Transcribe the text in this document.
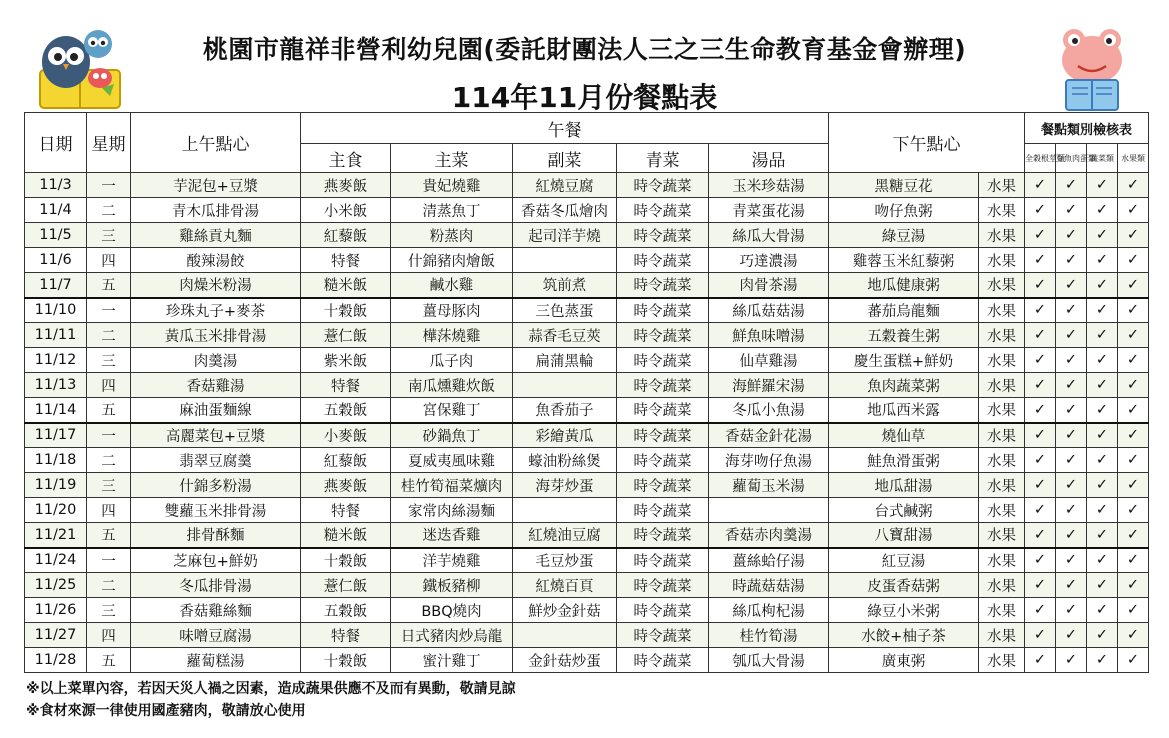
桃園市龍祥非營利幼兒園(委託財團法人三之三生命教育基金會辦理)
114年11月份餐點表
日期	星期	上午點心	午餐					下午點心		餐點類別檢核表			
			主食	主菜	副菜	青菜	湯品			全穀根莖類	豆魚肉蛋類	蔬菜類	水果類
11/3	一	芋泥包+豆漿	燕麥飯	貴妃燒雞	紅燒豆腐	時令蔬菜	玉米珍菇湯	黑糖豆花	水果	✓	✓	✓	✓
11/4	二	青木瓜排骨湯	小米飯	清蒸魚丁	香菇冬瓜燴肉	時令蔬菜	青菜蛋花湯	吻仔魚粥	水果	✓	✓	✓	✓
11/5	三	雞絲貢丸麵	紅藜飯	粉蒸肉	起司洋芋燒	時令蔬菜	絲瓜大骨湯	綠豆湯	水果	✓	✓	✓	✓
11/6	四	酸辣湯餃	特餐	什錦豬肉燴飯		時令蔬菜	巧達濃湯	雞蓉玉米紅藜粥	水果	✓	✓	✓	✓
11/7	五	肉燥米粉湯	糙米飯	鹹水雞	筑前煮	時令蔬菜	肉骨茶湯	地瓜健康粥	水果	✓	✓	✓	✓
11/10	一	珍珠丸子+麥茶	十穀飯	薑母豚肉	三色蒸蛋	時令蔬菜	絲瓜菇菇湯	蕃茄烏龍麵	水果	✓	✓	✓	✓
11/11	二	黃瓜玉米排骨湯	薏仁飯	樺莯燒雞	蒜香毛豆莢	時令蔬菜	鮮魚味噌湯	五穀養生粥	水果	✓	✓	✓	✓
11/12	三	肉羹湯	紫米飯	瓜子肉	扁蒲黑輪	時令蔬菜	仙草雞湯	慶生蛋糕+鮮奶	水果	✓	✓	✓	✓
11/13	四	香菇雞湯	特餐	南瓜燻雞炊飯		時令蔬菜	海鮮羅宋湯	魚肉蔬菜粥	水果	✓	✓	✓	✓
11/14	五	麻油蛋麵線	五穀飯	宮保雞丁	魚香茄子	時令蔬菜	冬瓜小魚湯	地瓜西米露	水果	✓	✓	✓	✓
11/17	一	高麗菜包+豆漿	小麥飯	砂鍋魚丁	彩繪黃瓜	時令蔬菜	香菇金針花湯	燒仙草	水果	✓	✓	✓	✓
11/18	二	翡翠豆腐羹	紅藜飯	夏威夷風味雞	蠔油粉絲煲	時令蔬菜	海芽吻仔魚湯	鮭魚滑蛋粥	水果	✓	✓	✓	✓
11/19	三	什錦多粉湯	燕麥飯	桂竹筍福菜爌肉	海芽炒蛋	時令蔬菜	蘿蔔玉米湯	地瓜甜湯	水果	✓	✓	✓	✓
11/20	四	雙蘿玉米排骨湯	特餐	家常肉絲湯麵		時令蔬菜		台式鹹粥	水果	✓	✓	✓	✓
11/21	五	排骨酥麵	糙米飯	迷迭香雞	紅燒油豆腐	時令蔬菜	香菇赤肉羹湯	八寶甜湯	水果	✓	✓	✓	✓
11/24	一	芝麻包+鮮奶	十穀飯	洋芋燒雞	毛豆炒蛋	時令蔬菜	薑絲蛤仔湯	紅豆湯	水果	✓	✓	✓	✓
11/25	二	冬瓜排骨湯	薏仁飯	鐵板豬柳	紅燒百頁	時令蔬菜	時蔬菇菇湯	皮蛋香菇粥	水果	✓	✓	✓	✓
11/26	三	香菇雞絲麵	五穀飯	BBQ燒肉	鮮炒金針菇	時令蔬菜	絲瓜枸杞湯	綠豆小米粥	水果	✓	✓	✓	✓
11/27	四	味噌豆腐湯	特餐	日式豬肉炒烏龍		時令蔬菜	桂竹筍湯	水餃+柚子茶	水果	✓	✓	✓	✓
11/28	五	蘿蔔糕湯	十穀飯	蜜汁雞丁	金針菇炒蛋	時令蔬菜	瓠瓜大骨湯	廣東粥	水果	✓	✓	✓	✓
※以上菜單內容，若因天災人禍之因素，造成蔬果供應不及而有異動，敬請見諒
※食材來源一律使用國產豬肉，敬請放心使用
